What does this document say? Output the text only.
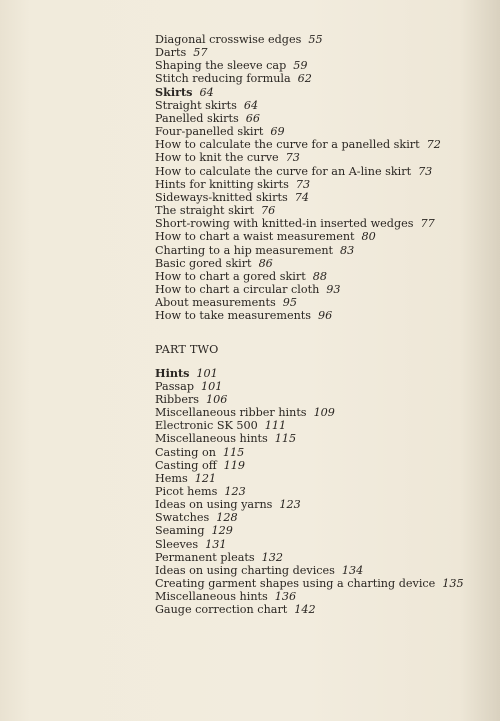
Diagonal crosswise edges 55
Darts 57
Shaping the sleeve cap 59
Stitch reducing formula 62
Skirts 64
Straight skirts 64
Panelled skirts 66
Four-panelled skirt 69
How to calculate the curve for a panelled skirt 72
How to knit the curve 73
How to calculate the curve for an A-line skirt 73
Hints for knitting skirts 73
Sideways-knitted skirts 74
The straight skirt 76
Short-rowing with knitted-in inserted wedges 77
How to chart a waist measurement 80
Charting to a hip measurement 83
Basic gored skirt 86
How to chart a gored skirt 88
How to chart a circular cloth 93
About measurements 95
How to take measurements 96
PART TWO
Hints 101
Passap 101
Ribbers 106
Miscellaneous ribber hints 109
Electronic SK 500 111
Miscellaneous hints 115
Casting on 115
Casting off 119
Hems 121
Picot hems 123
Ideas on using yarns 123
Swatches 128
Seaming 129
Sleeves 131
Permanent pleats 132
Ideas on using charting devices 134
Creating garment shapes using a charting device 135
Miscellaneous hints 136
Gauge correction chart 142
